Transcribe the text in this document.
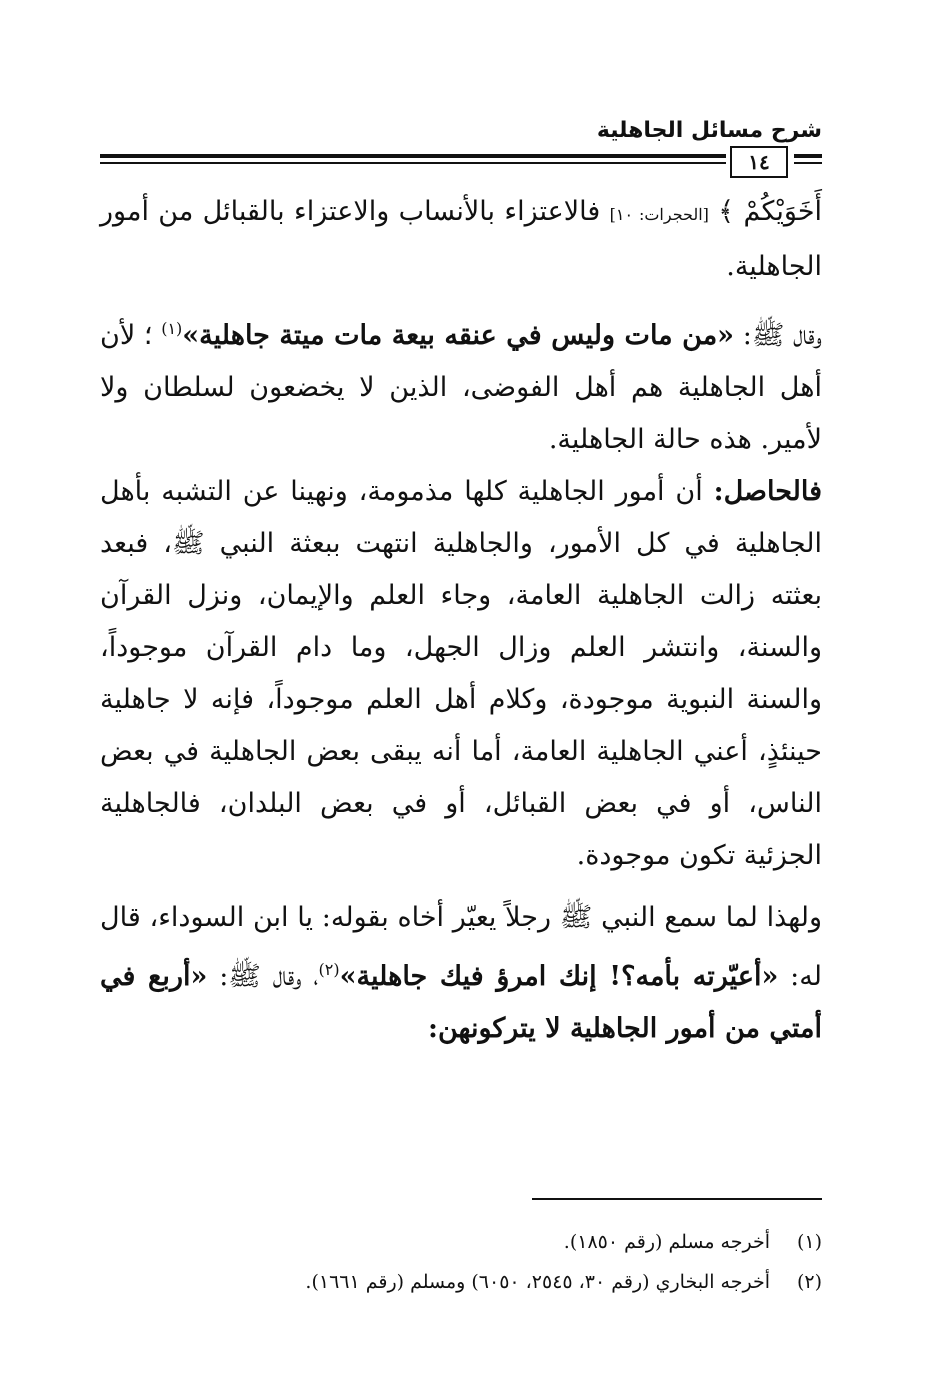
شرح مسائل الجاهلية
١٤

أَخَوَيْكُمْ ﴾ [الحجرات: ١٠] فالاعتزاء بالأنساب والاعتزاء بالقبائل من أمور الجاهلية.

وقال ﷺ: «من مات وليس في عنقه بيعة مات ميتة جاهلية»$^{(١)}$ ؛ لأن أهل الجاهلية هم أهل الفوضى، الذين لا يخضعون لسلطان ولا لأمير. هذه حالة الجاهلية.

فالحاصل: أن أمور الجاهلية كلها مذمومة، ونهينا عن التشبه بأهل الجاهلية في كل الأمور، والجاهلية انتهت ببعثة النبي ﷺ، فبعد بعثته زالت الجاهلية العامة، وجاء العلم والإيمان، ونزل القرآن والسنة، وانتشر العلم وزال الجهل، وما دام القرآن موجوداً، والسنة النبوية موجودة، وكلام أهل العلم موجوداً، فإنه لا جاهلية حينئذٍ، أعني الجاهلية العامة، أما أنه يبقى بعض الجاهلية في بعض الناس، أو في بعض القبائل، أو في بعض البلدان، فالجاهلية الجزئية تكون موجودة.

ولهذا لما سمع النبي ﷺ رجلاً يعيّر أخاه بقوله: يا ابن السوداء، قال له: «أعيّرته بأمه؟! إنك امرؤ فيك جاهلية»$^{(٢)}$، وقال ﷺ: «أربع في أمتي من أمور الجاهلية لا يتركونهن:

(١)أخرجه مسلم (رقم ١٨٥٠).

(٢)أخرجه البخاري (رقم ٣٠، ٢٥٤٥، ٦٠٥٠) ومسلم (رقم ١٦٦١).
